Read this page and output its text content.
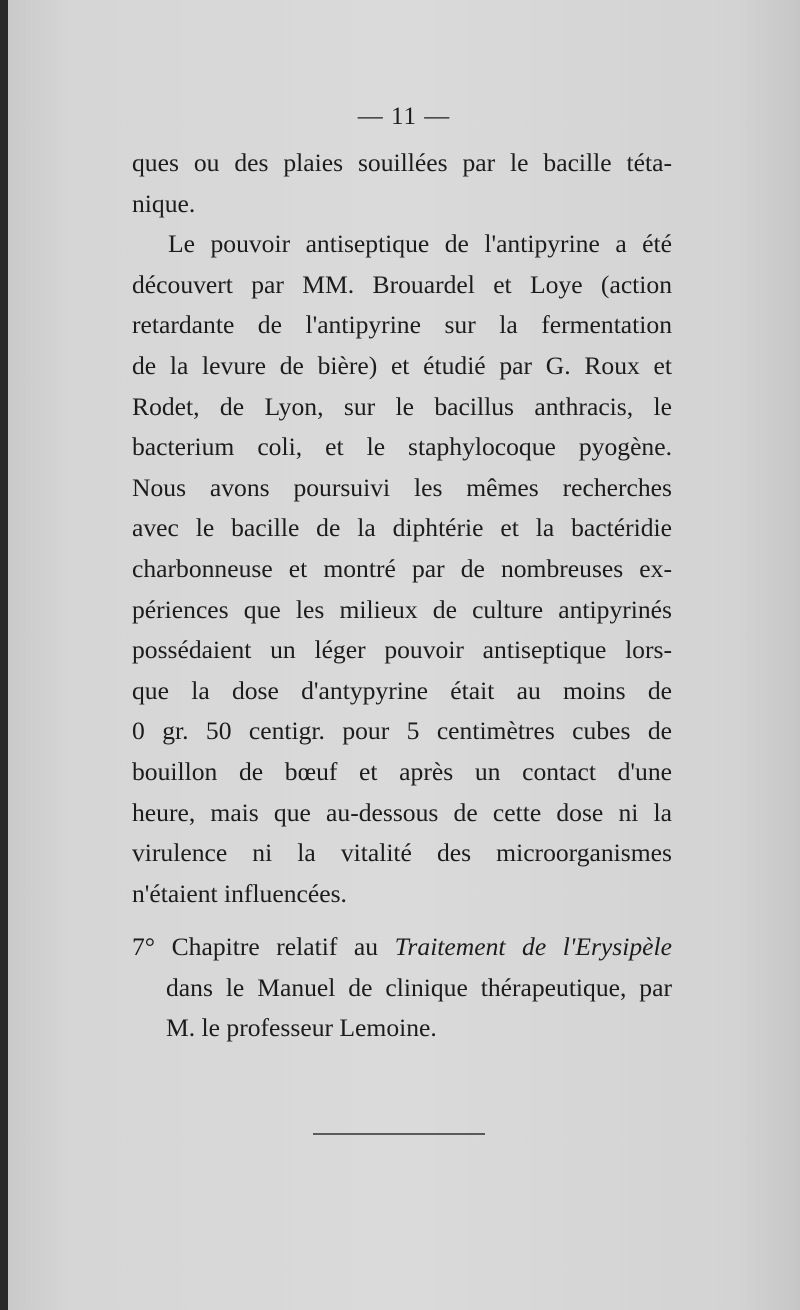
— 11 —
ques ou des plaies souillées par le bacille téta-
nique.
Le pouvoir antiseptique de l'antipyrine a été
découvert par MM. Brouardel et Loye (action
retardante de l'antipyrine sur la fermentation
de la levure de bière) et étudié par G. Roux et
Rodet, de Lyon, sur le bacillus anthracis, le
bacterium coli, et le staphylocoque pyogène.
Nous avons poursuivi les mêmes recherches
avec le bacille de la diphtérie et la bactéridie
charbonneuse et montré par de nombreuses ex-
périences que les milieux de culture antipyrinés
possédaient un léger pouvoir antiseptique lors-
que la dose d'antypyrine était au moins de
0 gr. 50 centigr. pour 5 centimètres cubes de
bouillon de bœuf et après un contact d'une
heure, mais que au-dessous de cette dose ni la
virulence ni la vitalité des microorganismes
n'étaient influencées.
7° Chapitre relatif au Traitement de l'Erysipèle
dans le Manuel de clinique thérapeutique, par
M. le professeur Lemoine.
